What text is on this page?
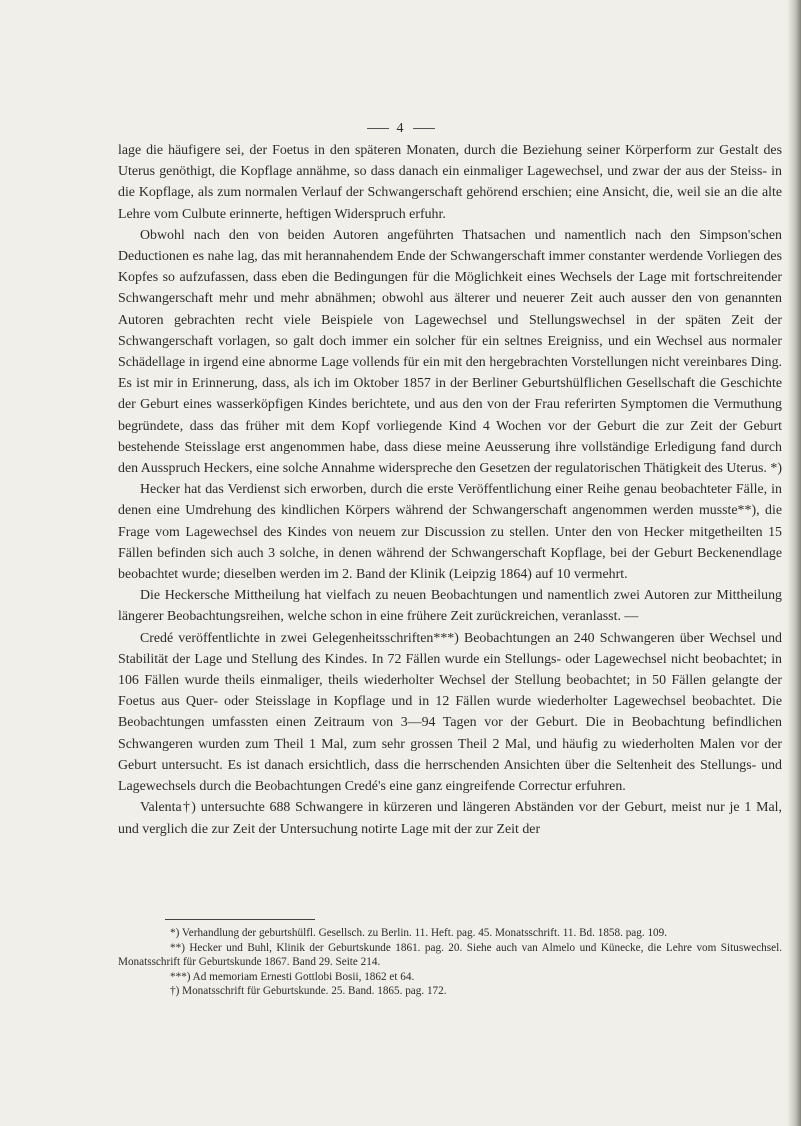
4

lage die häufigere sei, der Foetus in den späteren Monaten, durch die Beziehung seiner Körperform zur Gestalt des Uterus genöthigt, die Kopflage annähme, so dass danach ein einmaliger Lagewechsel, und zwar der aus der Steiss- in die Kopflage, als zum normalen Verlauf der Schwangerschaft gehörend erschien; eine Ansicht, die, weil sie an die alte Lehre vom Culbute erinnerte, heftigen Widerspruch erfuhr.

Obwohl nach den von beiden Autoren angeführten Thatsachen und namentlich nach den Simpson'schen Deductionen es nahe lag, das mit herannahendem Ende der Schwangerschaft immer constanter werdende Vorliegen des Kopfes so aufzufassen, dass eben die Bedingungen für die Möglichkeit eines Wechsels der Lage mit fortschreitender Schwangerschaft mehr und mehr abnähmen; obwohl aus älterer und neuerer Zeit auch ausser den von genannten Autoren gebrachten recht viele Beispiele von Lagewechsel und Stellungswechsel in der späten Zeit der Schwangerschaft vorlagen, so galt doch immer ein solcher für ein seltnes Ereigniss, und ein Wechsel aus normaler Schädellage in irgend eine abnorme Lage vollends für ein mit den hergebrachten Vorstellungen nicht vereinbares Ding. Es ist mir in Erinnerung, dass, als ich im Oktober 1857 in der Berliner Geburtshülflichen Gesellschaft die Geschichte der Geburt eines wasserköpfigen Kindes berichtete, und aus den von der Frau referirten Symptomen die Vermuthung begründete, dass das früher mit dem Kopf vorliegende Kind 4 Wochen vor der Geburt die zur Zeit der Geburt bestehende Steisslage erst angenommen habe, dass diese meine Aeusserung ihre vollständige Erledigung fand durch den Ausspruch Heckers, eine solche Annahme widerspreche den Gesetzen der regulatorischen Thätigkeit des Uterus. *)

Hecker hat das Verdienst sich erworben, durch die erste Veröffentlichung einer Reihe genau beobachteter Fälle, in denen eine Umdrehung des kindlichen Körpers während der Schwangerschaft angenommen werden musste**), die Frage vom Lagewechsel des Kindes von neuem zur Discussion zu stellen. Unter den von Hecker mitgetheilten 15 Fällen befinden sich auch 3 solche, in denen während der Schwangerschaft Kopflage, bei der Geburt Beckenendlage beobachtet wurde; dieselben werden im 2. Band der Klinik (Leipzig 1864) auf 10 vermehrt.

Die Heckersche Mittheilung hat vielfach zu neuen Beobachtungen und namentlich zwei Autoren zur Mittheilung längerer Beobachtungsreihen, welche schon in eine frühere Zeit zurückreichen, veranlasst. —

Credé veröffentlichte in zwei Gelegenheitsschriften***) Beobachtungen an 240 Schwangeren über Wechsel und Stabilität der Lage und Stellung des Kindes. In 72 Fällen wurde ein Stellungs- oder Lagewechsel nicht beobachtet; in 106 Fällen wurde theils einmaliger, theils wiederholter Wechsel der Stellung beobachtet; in 50 Fällen gelangte der Foetus aus Quer- oder Steisslage in Kopflage und in 12 Fällen wurde wiederholter Lagewechsel beobachtet. Die Beobachtungen umfassten einen Zeitraum von 3—94 Tagen vor der Geburt. Die in Beobachtung befindlichen Schwangeren wurden zum Theil 1 Mal, zum sehr grossen Theil 2 Mal, und häufig zu wiederholten Malen vor der Geburt untersucht. Es ist danach ersichtlich, dass die herrschenden Ansichten über die Seltenheit des Stellungs- und Lagewechsels durch die Beobachtungen Credé's eine ganz eingreifende Correctur erfuhren.

Valenta†) untersuchte 688 Schwangere in kürzeren und längeren Abständen vor der Geburt, meist nur je 1 Mal, und verglich die zur Zeit der Untersuchung notirte Lage mit der zur Zeit der

*) Verhandlung der geburtshülfl. Gesellsch. zu Berlin. 11. Heft. pag. 45. Monatsschrift. 11. Bd. 1858. pag. 109.

**) Hecker und Buhl, Klinik der Geburtskunde 1861. pag. 20. Siehe auch van Almelo und Künecke, die Lehre vom Situswechsel. Monatsschrift für Geburtskunde 1867. Band 29. Seite 214.

***) Ad memoriam Ernesti Gottlobi Bosii, 1862 et 64.

†) Monatsschrift für Geburtskunde. 25. Band. 1865. pag. 172.
